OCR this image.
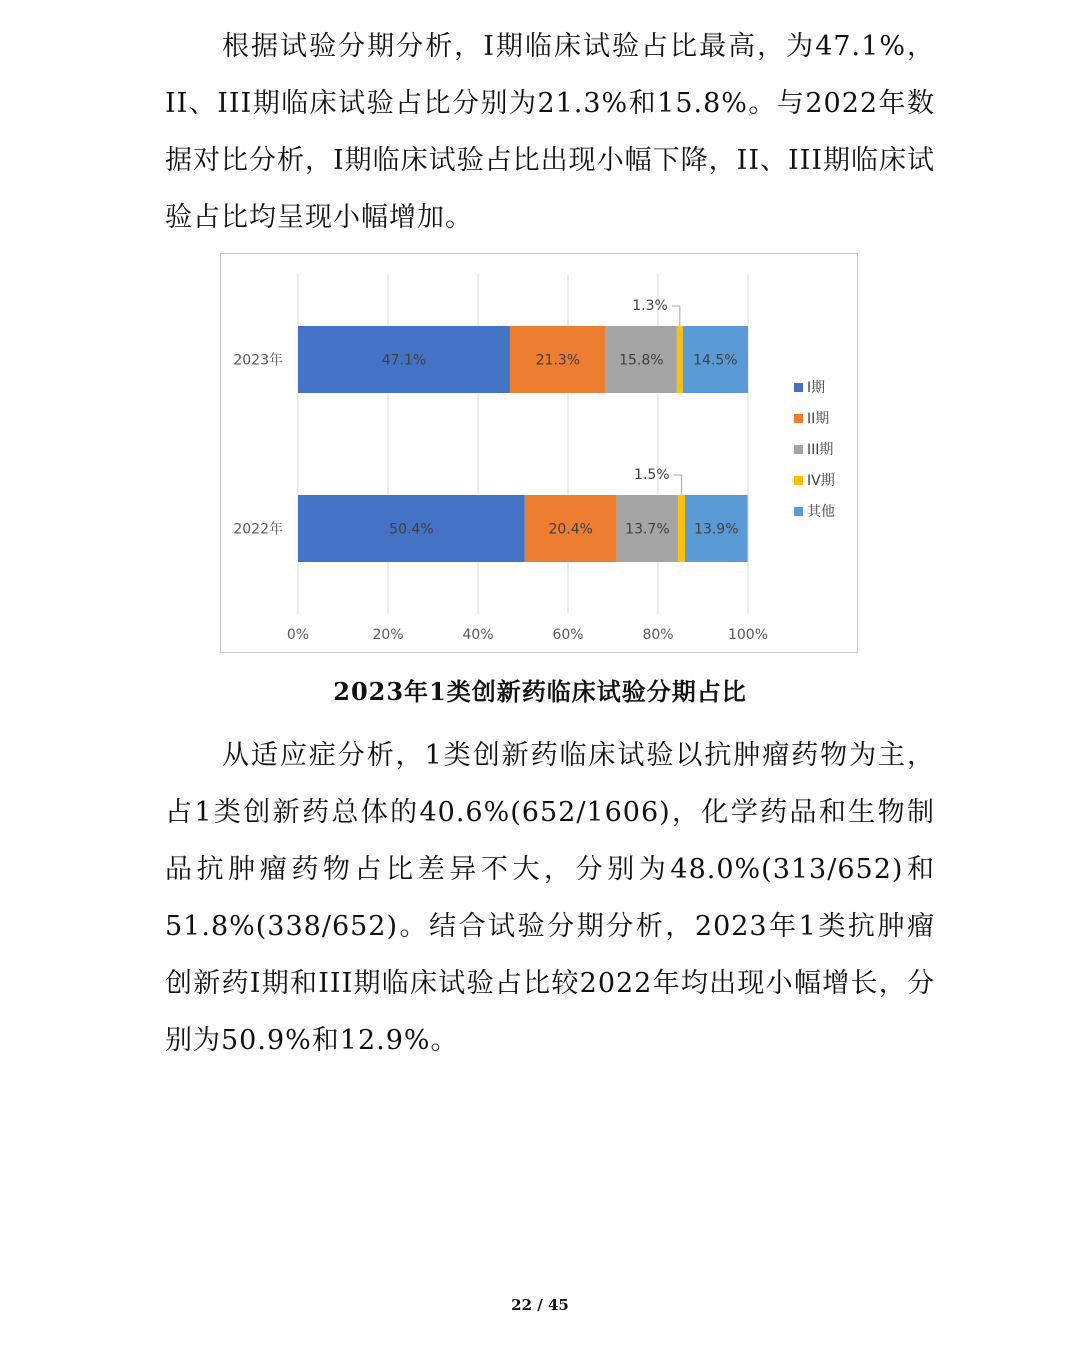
根据试验分期分析，I期临床试验占比最高，为47.1%，II、III期临床试验占比分别为21.3%和15.8%。与2022年数据对比分析，I期临床试验占比出现小幅下降，II、III期临床试验占比均呈现小幅增加。

0%	20%	40%	60%	80%	100%
2023年	47.1%	21.3%	15.8%
1.3%
14.5%
2022年	50.4%	20.4% 13.7%
1.5%
13.9%
I期
II期
III期
IV期
其他

2023年1类创新药临床试验分期占比

从适应症分析，1类创新药临床试验以抗肿瘤药物为主，占1类创新药总体的40.6%(652/1606)，化学药品和生物制品抗肿瘤药物占比差异不大，分别为48.0%(313/652)和51.8%(338/652)。结合试验分期分析，2023年1类抗肿瘤创新药I期和III期临床试验占比较2022年均出现小幅增长，分别为50.9%和12.9%。

22 / 45
